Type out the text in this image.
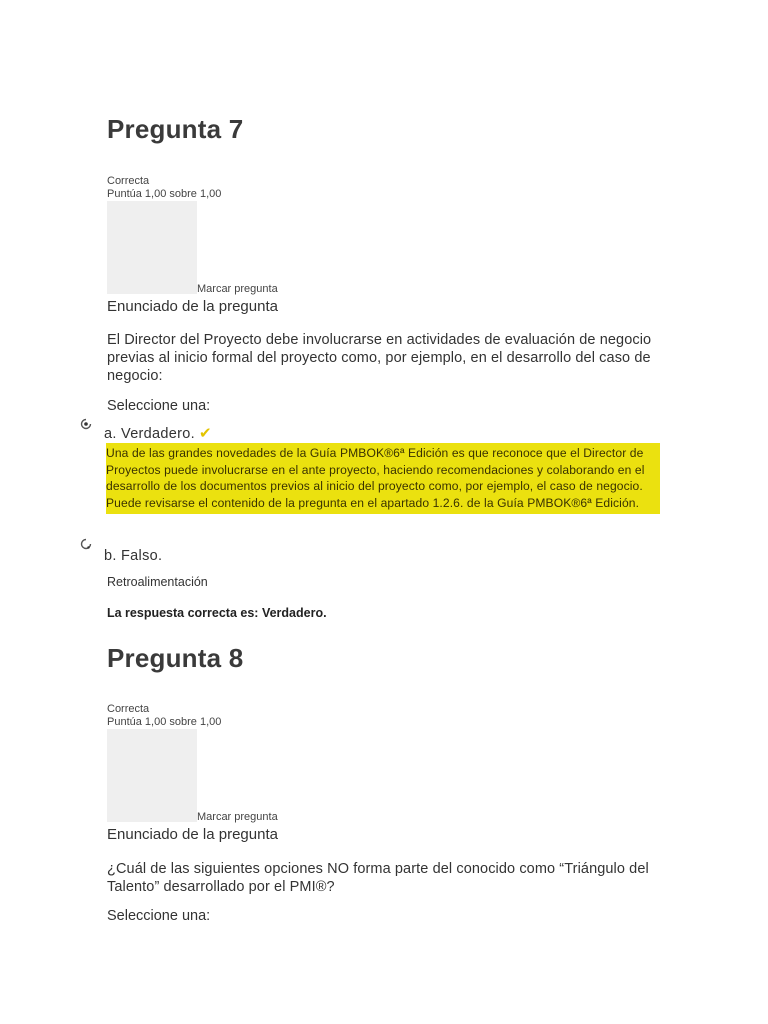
Pregunta 7
Correcta
Puntúa 1,00 sobre 1,00
Marcar pregunta
Enunciado de la pregunta
El Director del Proyecto debe involucrarse en actividades de evaluación de negocio previas al inicio formal del proyecto como, por ejemplo, en el desarrollo del caso de negocio:
Seleccione una:
a. Verdadero. ✔
Una de las grandes novedades de la Guía PMBOK®6ª Edición es que reconoce que el Director de Proyectos puede involucrarse en el ante proyecto, haciendo recomendaciones y colaborando en el desarrollo de los documentos previos al inicio del proyecto como, por ejemplo, el caso de negocio. Puede revisarse el contenido de la pregunta en el apartado 1.2.6. de la Guía PMBOK®6ª Edición.
b. Falso.
Retroalimentación
La respuesta correcta es: Verdadero.
Pregunta 8
Correcta
Puntúa 1,00 sobre 1,00
Marcar pregunta
Enunciado de la pregunta
¿Cuál de las siguientes opciones NO forma parte del conocido como “Triángulo del Talento” desarrollado por el PMI®?
Seleccione una:
